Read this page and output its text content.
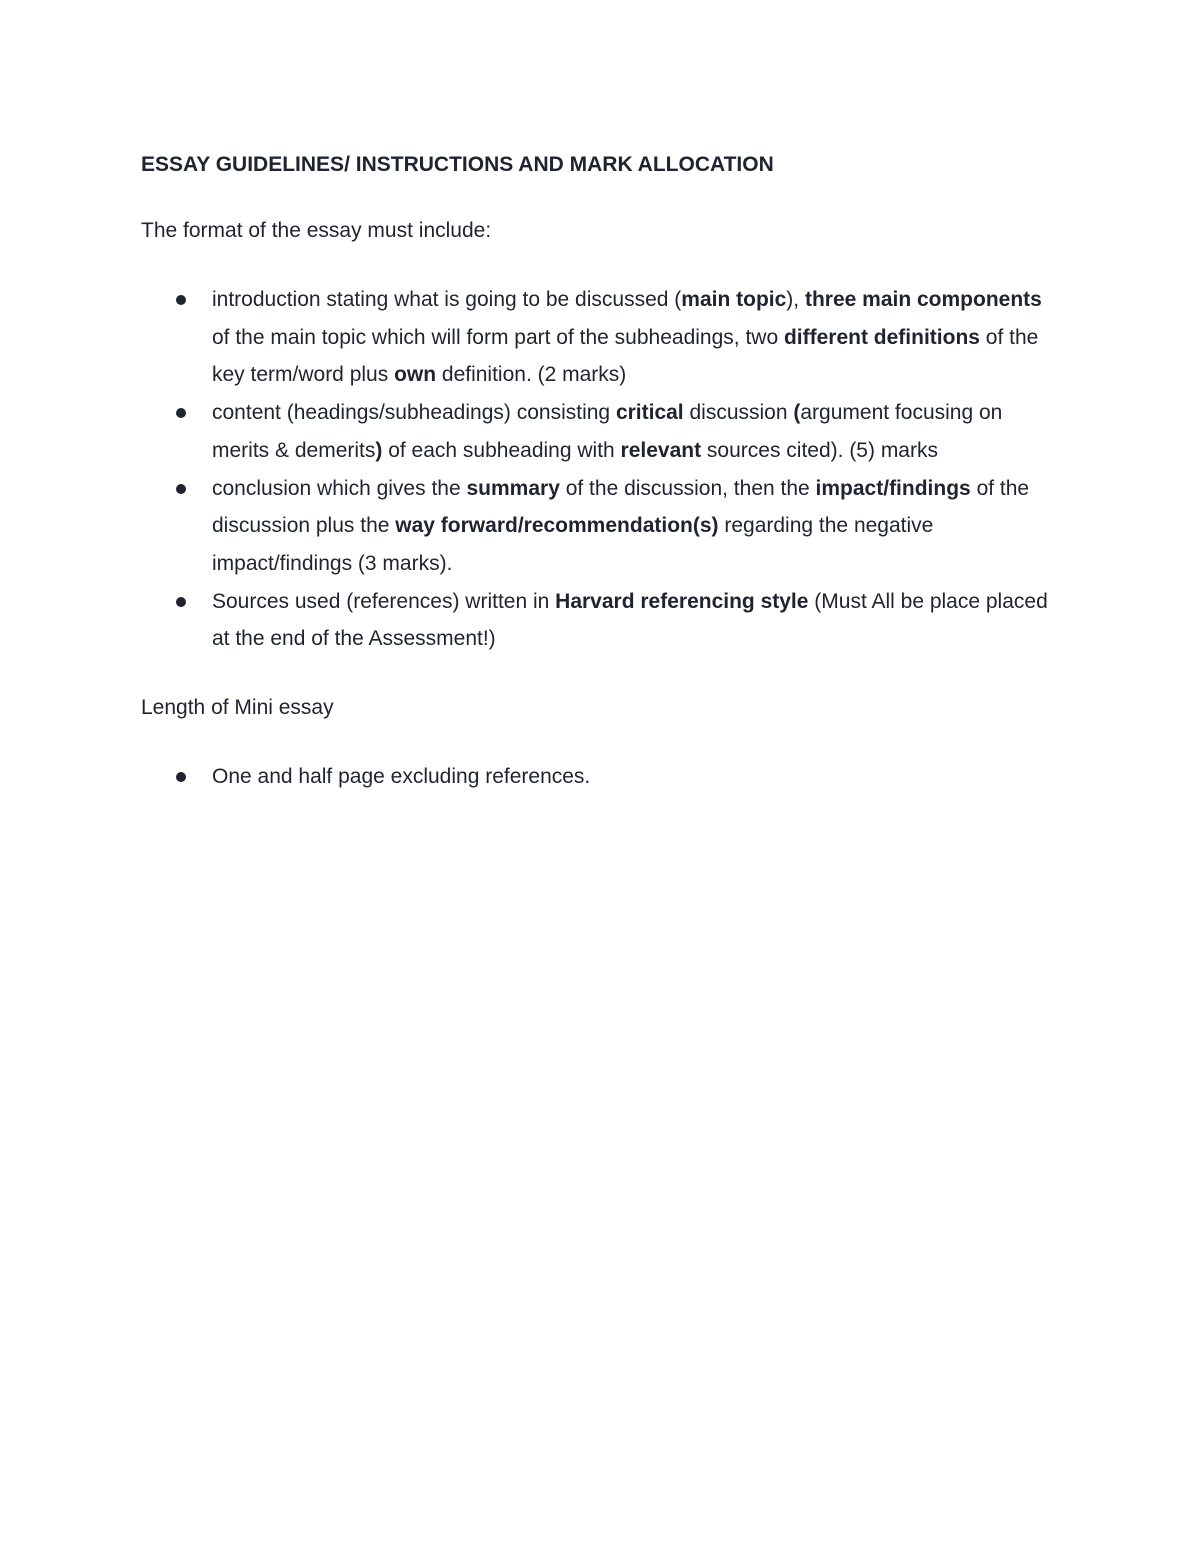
ESSAY GUIDELINES/ INSTRUCTIONS AND MARK ALLOCATION

The format of the essay must include:

introduction stating what is going to be discussed (main topic), three main components of the main topic which will form part of the subheadings, two different definitions of the key term/word plus own definition. (2 marks)
content (headings/subheadings) consisting critical discussion (argument focusing on merits & demerits) of each subheading with relevant sources cited). (5) marks
conclusion which gives the summary of the discussion, then the impact/findings of the discussion plus the way forward/recommendation(s) regarding the negative impact/findings (3 marks).
Sources used (references) written in Harvard referencing style (Must All be place placed at the end of the Assessment!)

Length of Mini essay

One and half page excluding references.
